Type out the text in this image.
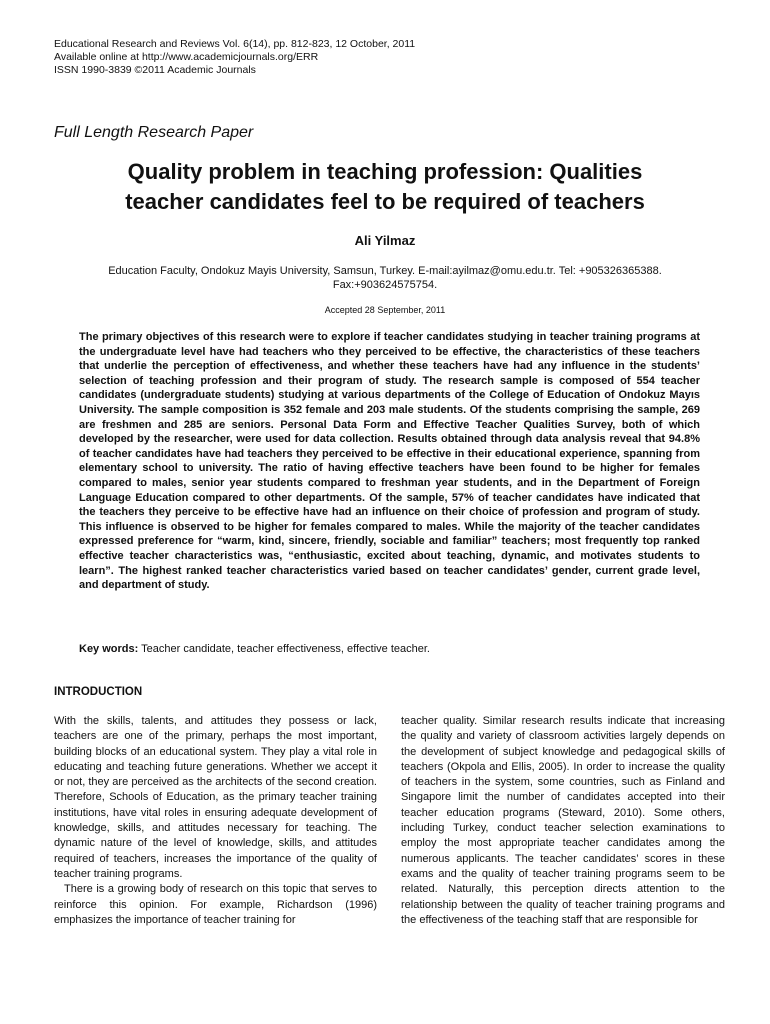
Educational Research and Reviews Vol. 6(14), pp. 812-823, 12 October, 2011
Available online at http://www.academicjournals.org/ERR
ISSN 1990-3839 ©2011 Academic Journals
Full Length Research Paper
Quality problem in teaching profession: Qualities
teacher candidates feel to be required of teachers
Ali Yilmaz
Education Faculty, Ondokuz Mayis University, Samsun, Turkey. E-mail:ayilmaz@omu.edu.tr. Tel: +905326365388.
Fax:+903624575754.
Accepted 28 September, 2011
The primary objectives of this research were to explore if teacher candidates studying in teacher training programs at the undergraduate level have had teachers who they perceived to be effective, the characteristics of these teachers that underlie the perception of effectiveness, and whether these teachers have had any influence in the students’ selection of teaching profession and their program of study. The research sample is composed of 554 teacher candidates (undergraduate students) studying at various departments of the College of Education of Ondokuz Mayıs University. The sample composition is 352 female and 203 male students. Of the students comprising the sample, 269 are freshmen and 285 are seniors. Personal Data Form and Effective Teacher Qualities Survey, both of which developed by the researcher, were used for data collection. Results obtained through data analysis reveal that 94.8% of teacher candidates have had teachers they perceived to be effective in their educational experience, spanning from elementary school to university. The ratio of having effective teachers have been found to be higher for females compared to males, senior year students compared to freshman year students, and in the Department of Foreign Language Education compared to other departments. Of the sample, 57% of teacher candidates have indicated that the teachers they perceive to be effective have had an influence on their choice of profession and program of study. This influence is observed to be higher for females compared to males. While the majority of the teacher candidates expressed preference for “warm, kind, sincere, friendly, sociable and familiar” teachers; most frequently top ranked effective teacher characteristics was, “enthusiastic, excited about teaching, dynamic, and motivates students to learn”. The highest ranked teacher characteristics varied based on teacher candidates’ gender, current grade level, and department of study.
Key words: Teacher candidate, teacher effectiveness, effective teacher.
INTRODUCTION

With the skills, talents, and attitudes they possess or lack, teachers are one of the primary, perhaps the most important, building blocks of an educational system. They play a vital role in educating and teaching future generations. Whether we accept it or not, they are perceived as the architects of the second creation. Therefore, Schools of Education, as the primary teacher training institutions, have vital roles in ensuring adequate development of knowledge, skills, and attitudes necessary for teaching. The dynamic nature of the level of knowledge, skills, and attitudes required of teachers, increases the importance of the quality of teacher training programs.

There is a growing body of research on this topic that serves to reinforce this opinion. For example, Richardson (1996) emphasizes the importance of teacher training for

teacher quality. Similar research results indicate that increasing the quality and variety of classroom activities largely depends on the development of subject knowledge and pedagogical skills of teachers (Okpola and Ellis, 2005). In order to increase the quality of teachers in the system, some countries, such as Finland and Singapore limit the number of candidates accepted into their teacher education programs (Steward, 2010). Some others, including Turkey, conduct teacher selection examinations to employ the most appropriate teacher candidates among the numerous applicants. The teacher candidates’ scores in these exams and the quality of teacher training programs seem to be related. Naturally, this perception directs attention to the relationship between the quality of teacher training programs and the effectiveness of the teaching staff that are responsible for
